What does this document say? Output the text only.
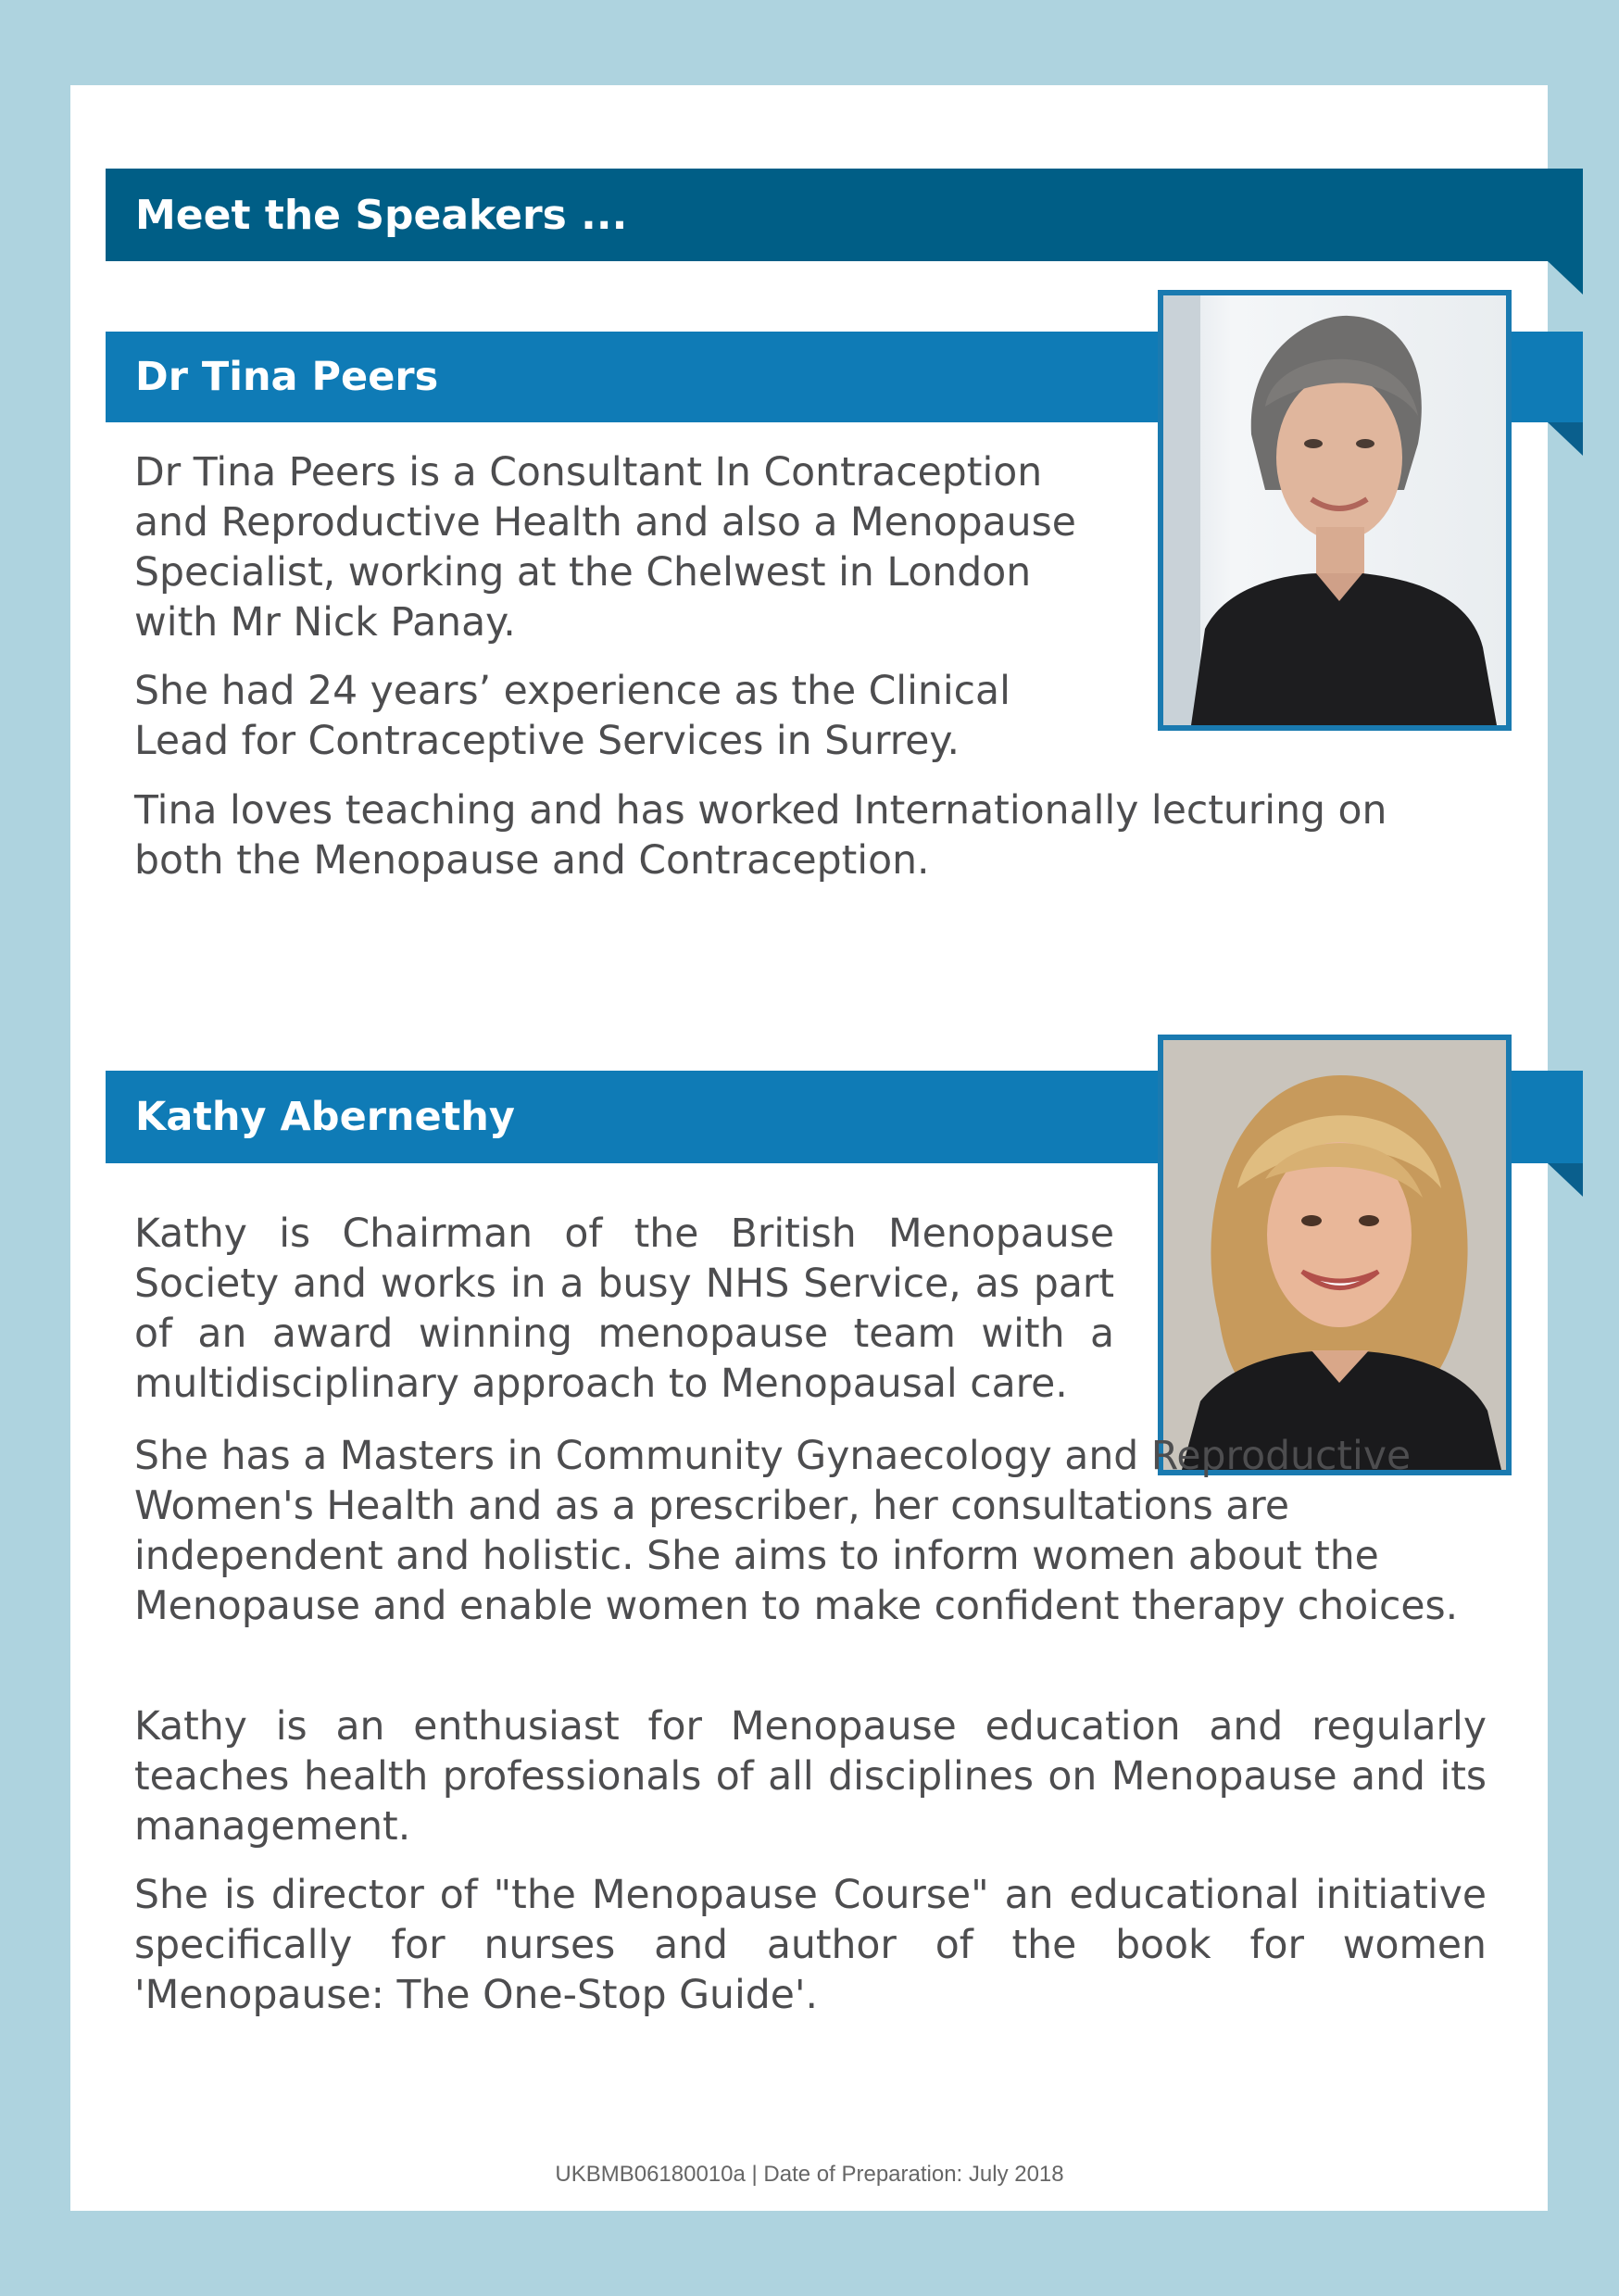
Meet the Speakers ...
Dr Tina Peers

Dr Tina Peers is a Consultant In Contraception and Reproductive Health and also a Menopause Specialist, working at the Chelwest in London with Mr Nick Panay.

She had 24 years’ experience as the Clinical Lead for Contraceptive Services in Surrey.

Tina loves teaching and has worked Internationally lecturing on both the Menopause and Contraception.

Kathy Abernethy

Kathy is Chairman of the British Menopause Society and works in a busy NHS Service, as part of an award winning menopause team with a multidisciplinary approach to Menopausal care.

She has a Masters in Community Gynaecology and Reproductive Women's Health and as a prescriber, her consultations are independent and holistic. She aims to inform women about the Menopause and enable women to make confident therapy choices.

Kathy is an enthusiast for Menopause education and regularly teaches health professionals of all disciplines on Menopause and its management.

She is director of "the Menopause Course" an educational initiative specifically for nurses and author of the book for women 'Menopause: The One-Stop Guide'.

UKBMB06180010a | Date of Preparation: July 2018
